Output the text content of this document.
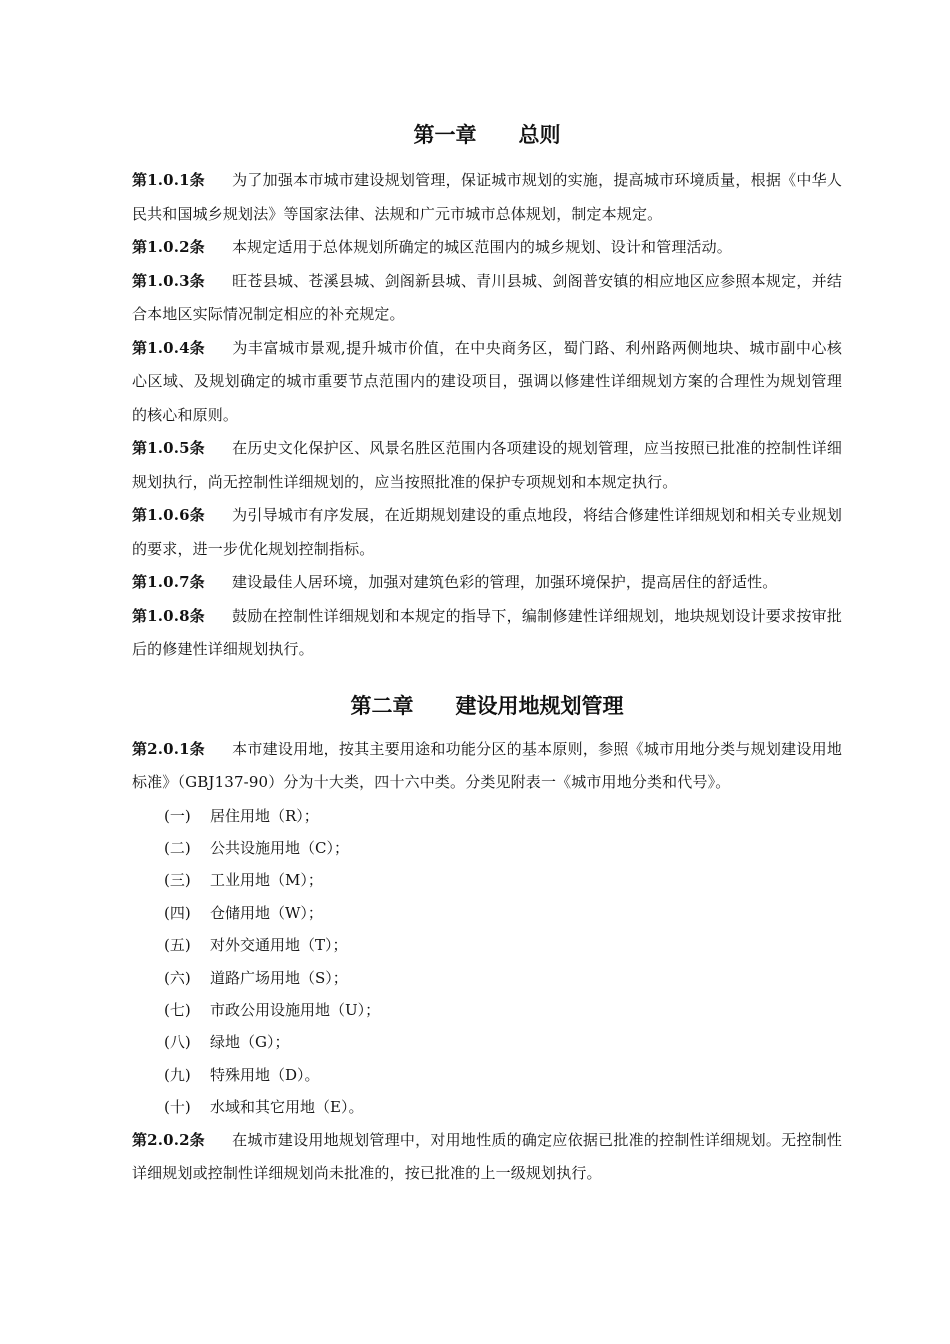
第一章　　总则

第1.0.1条 为了加强本市城市建设规划管理，保证城市规划的实施，提高城市环境质量，根据《中华人民共和国城乡规划法》等国家法律、法规和广元市城市总体规划，制定本规定。

第1.0.2条 本规定适用于总体规划所确定的城区范围内的城乡规划、设计和管理活动。

第1.0.3条 旺苍县城、苍溪县城、剑阁新县城、青川县城、剑阁普安镇的相应地区应参照本规定，并结合本地区实际情况制定相应的补充规定。

第1.0.4条 为丰富城市景观,提升城市价值，在中央商务区，蜀门路、利州路两侧地块、城市副中心核心区域、及规划确定的城市重要节点范围内的建设项目，强调以修建性详细规划方案的合理性为规划管理的核心和原则。

第1.0.5条 在历史文化保护区、风景名胜区范围内各项建设的规划管理，应当按照已批准的控制性详细规划执行，尚无控制性详细规划的，应当按照批准的保护专项规划和本规定执行。

第1.0.6条 为引导城市有序发展，在近期规划建设的重点地段，将结合修建性详细规划和相关专业规划的要求，进一步优化规划控制指标。

第1.0.7条 建设最佳人居环境，加强对建筑色彩的管理，加强环境保护，提高居住的舒适性。

第1.0.8条 鼓励在控制性详细规划和本规定的指导下，编制修建性详细规划，地块规划设计要求按审批后的修建性详细规划执行。

第二章　　建设用地规划管理

第2.0.1条 本市建设用地，按其主要用途和功能分区的基本原则，参照《城市用地分类与规划建设用地标准》（GBJ137-90）分为十大类，四十六中类。分类见附表一《城市用地分类和代号》。

(一) 居住用地（R）；

(二) 公共设施用地（C）；

(三) 工业用地（M）；

(四) 仓储用地（W）；

(五) 对外交通用地（T）；

(六) 道路广场用地（S）；

(七) 市政公用设施用地（U）；

(八) 绿地（G）；

(九) 特殊用地（D）。

(十) 水域和其它用地（E）。

第2.0.2条 在城市建设用地规划管理中，对用地性质的确定应依据已批准的控制性详细规划。无控制性详细规划或控制性详细规划尚未批准的，按已批准的上一级规划执行。
